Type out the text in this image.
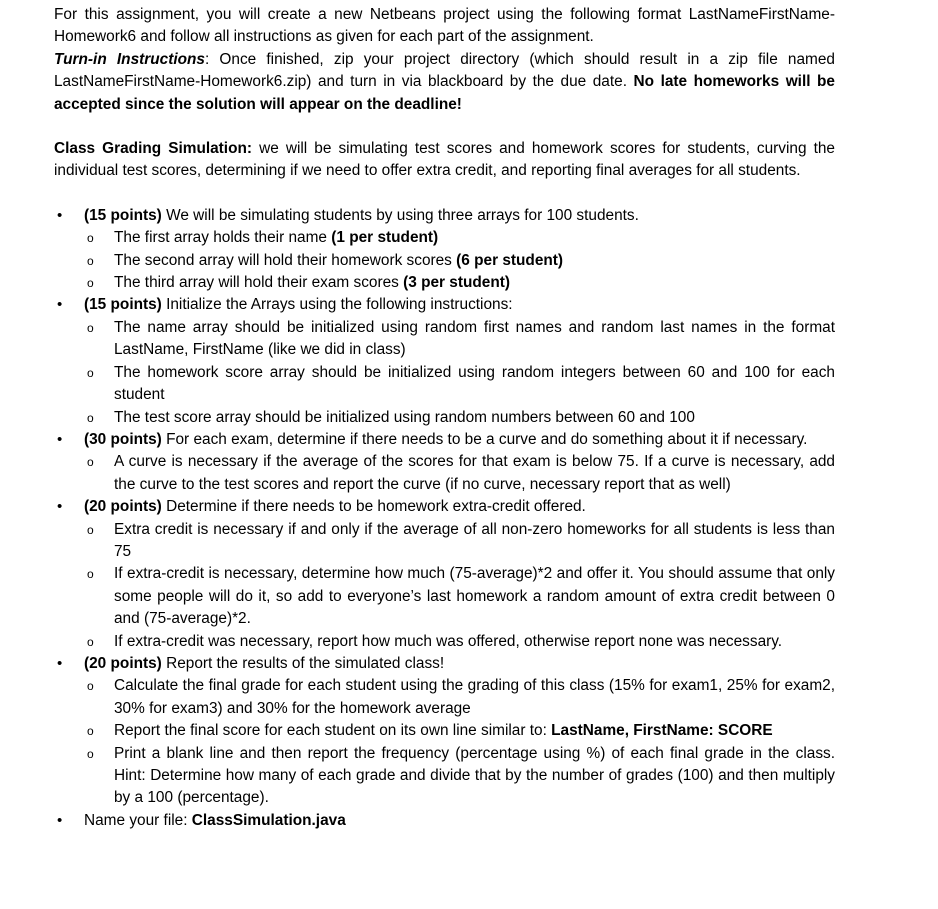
For this assignment, you will create a new Netbeans project using the following format LastNameFirstName-Homework6 and follow all instructions as given for each part of the assignment.
Turn-in Instructions: Once finished, zip your project directory (which should result in a zip file named LastNameFirstName-Homework6.zip) and turn in via blackboard by the due date. No late homeworks will be accepted since the solution will appear on the deadline!

Class Grading Simulation: we will be simulating test scores and homework scores for students, curving the individual test scores, determining if we need to offer extra credit, and reporting final averages for all students.

•	(15 points) We will be simulating students by using three arrays for 100 students.
o The first array holds their name (1 per student)
o The second array will hold their homework scores (6 per student)
o The third array will hold their exam scores (3 per student)
•	(15 points) Initialize the Arrays using the following instructions:
o The name array should be initialized using random first names and random last names in the format LastName, FirstName (like we did in class)
o The homework score array should be initialized using random integers between 60 and 100 for each student
o The test score array should be initialized using random numbers between 60 and 100
•	(30 points) For each exam, determine if there needs to be a curve and do something about it if necessary.
o A curve is necessary if the average of the scores for that exam is below 75. If a curve is necessary, add the curve to the test scores and report the curve (if no curve, necessary report that as well)
•	(20 points) Determine if there needs to be homework extra-credit offered.
o Extra credit is necessary if and only if the average of all non-zero homeworks for all students is less than 75
o If extra-credit is necessary, determine how much (75-average)*2 and offer it. You should assume that only some people will do it, so add to everyone’s last homework a random amount of extra credit between 0 and (75-average)*2.
o If extra-credit was necessary, report how much was offered, otherwise report none was necessary.
•	(20 points) Report the results of the simulated class!
o Calculate the final grade for each student using the grading of this class (15% for exam1, 25% for exam2, 30% for exam3) and 30% for the homework average
o Report the final score for each student on its own line similar to: LastName, FirstName: SCORE
o Print a blank line and then report the frequency (percentage using %) of each final grade in the class. Hint: Determine how many of each grade and divide that by the number of grades (100) and then multiply by a 100 (percentage).
•	Name your file: ClassSimulation.java
